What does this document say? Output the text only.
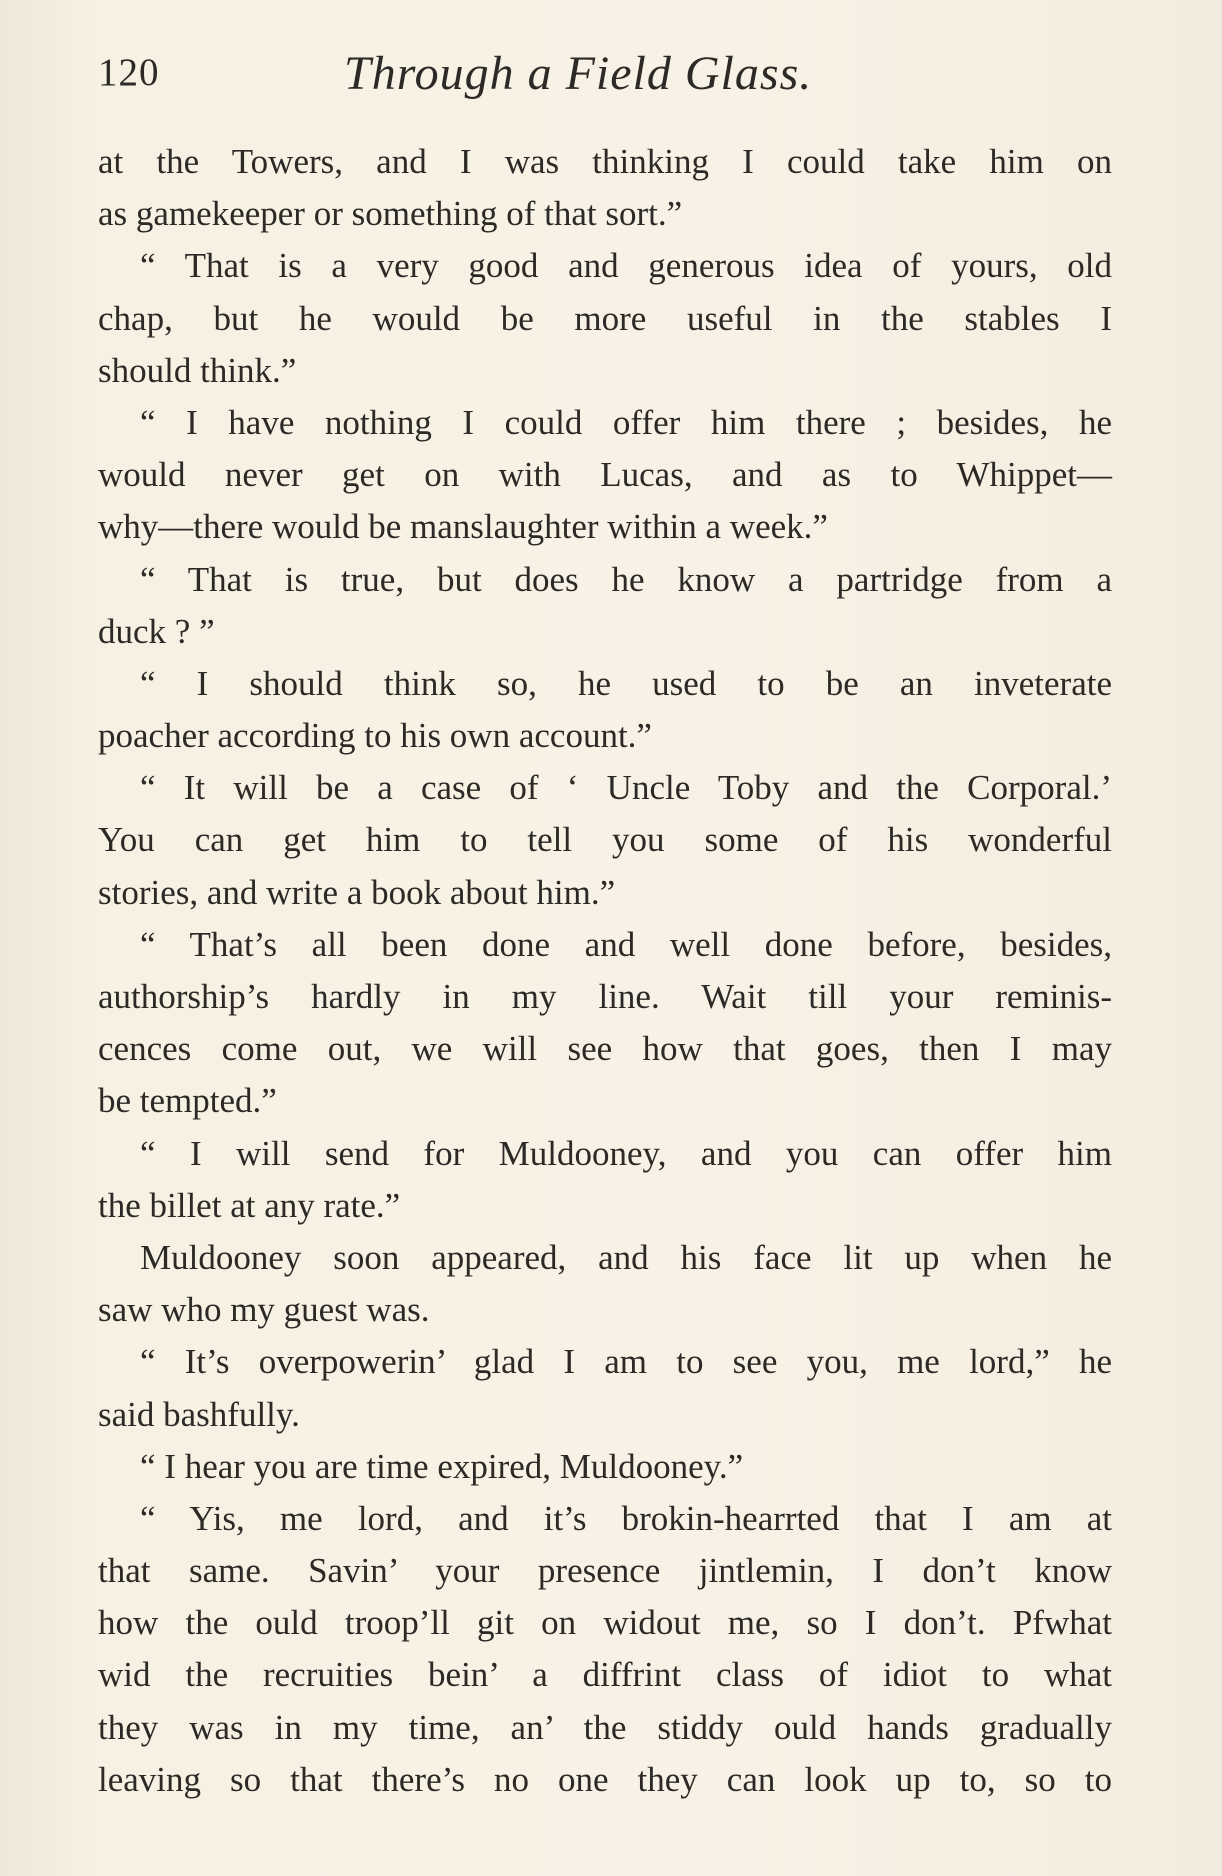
120	Through a Field Glass.
at the Towers, and I was thinking I could take him on
as gamekeeper or something of that sort.”
“ That is a very good and generous idea of yours, old
chap, but he would be more useful in the stables I
should think.”
“ I have nothing I could offer him there ; besides, he
would never get on with Lucas, and as to Whippet—
why—there would be manslaughter within a week.”
“ That is true, but does he know a partridge from a
duck ? ”
“ I should think so, he used to be an inveterate
poacher according to his own account.”
“ It will be a case of ‘ Uncle Toby and the Corporal.’
You can get him to tell you some of his wonderful
stories, and write a book about him.”
“ That’s all been done and well done before, besides,
authorship’s hardly in my line. Wait till your reminis-
cences come out, we will see how that goes, then I may
be tempted.”
“ I will send for Muldooney, and you can offer him
the billet at any rate.”
Muldooney soon appeared, and his face lit up when he
saw who my guest was.
“ It’s overpowerin’ glad I am to see you, me lord,” he
said bashfully.
“ I hear you are time expired, Muldooney.”
“ Yis, me lord, and it’s brokin-hearrted that I am at
that same. Savin’ your presence jintlemin, I don’t know
how the ould troop’ll git on widout me, so I don’t. Pfwhat
wid the recruities bein’ a diffrint class of idiot to what
they was in my time, an’ the stiddy ould hands gradually
leaving so that there’s no one they can look up to, so to
